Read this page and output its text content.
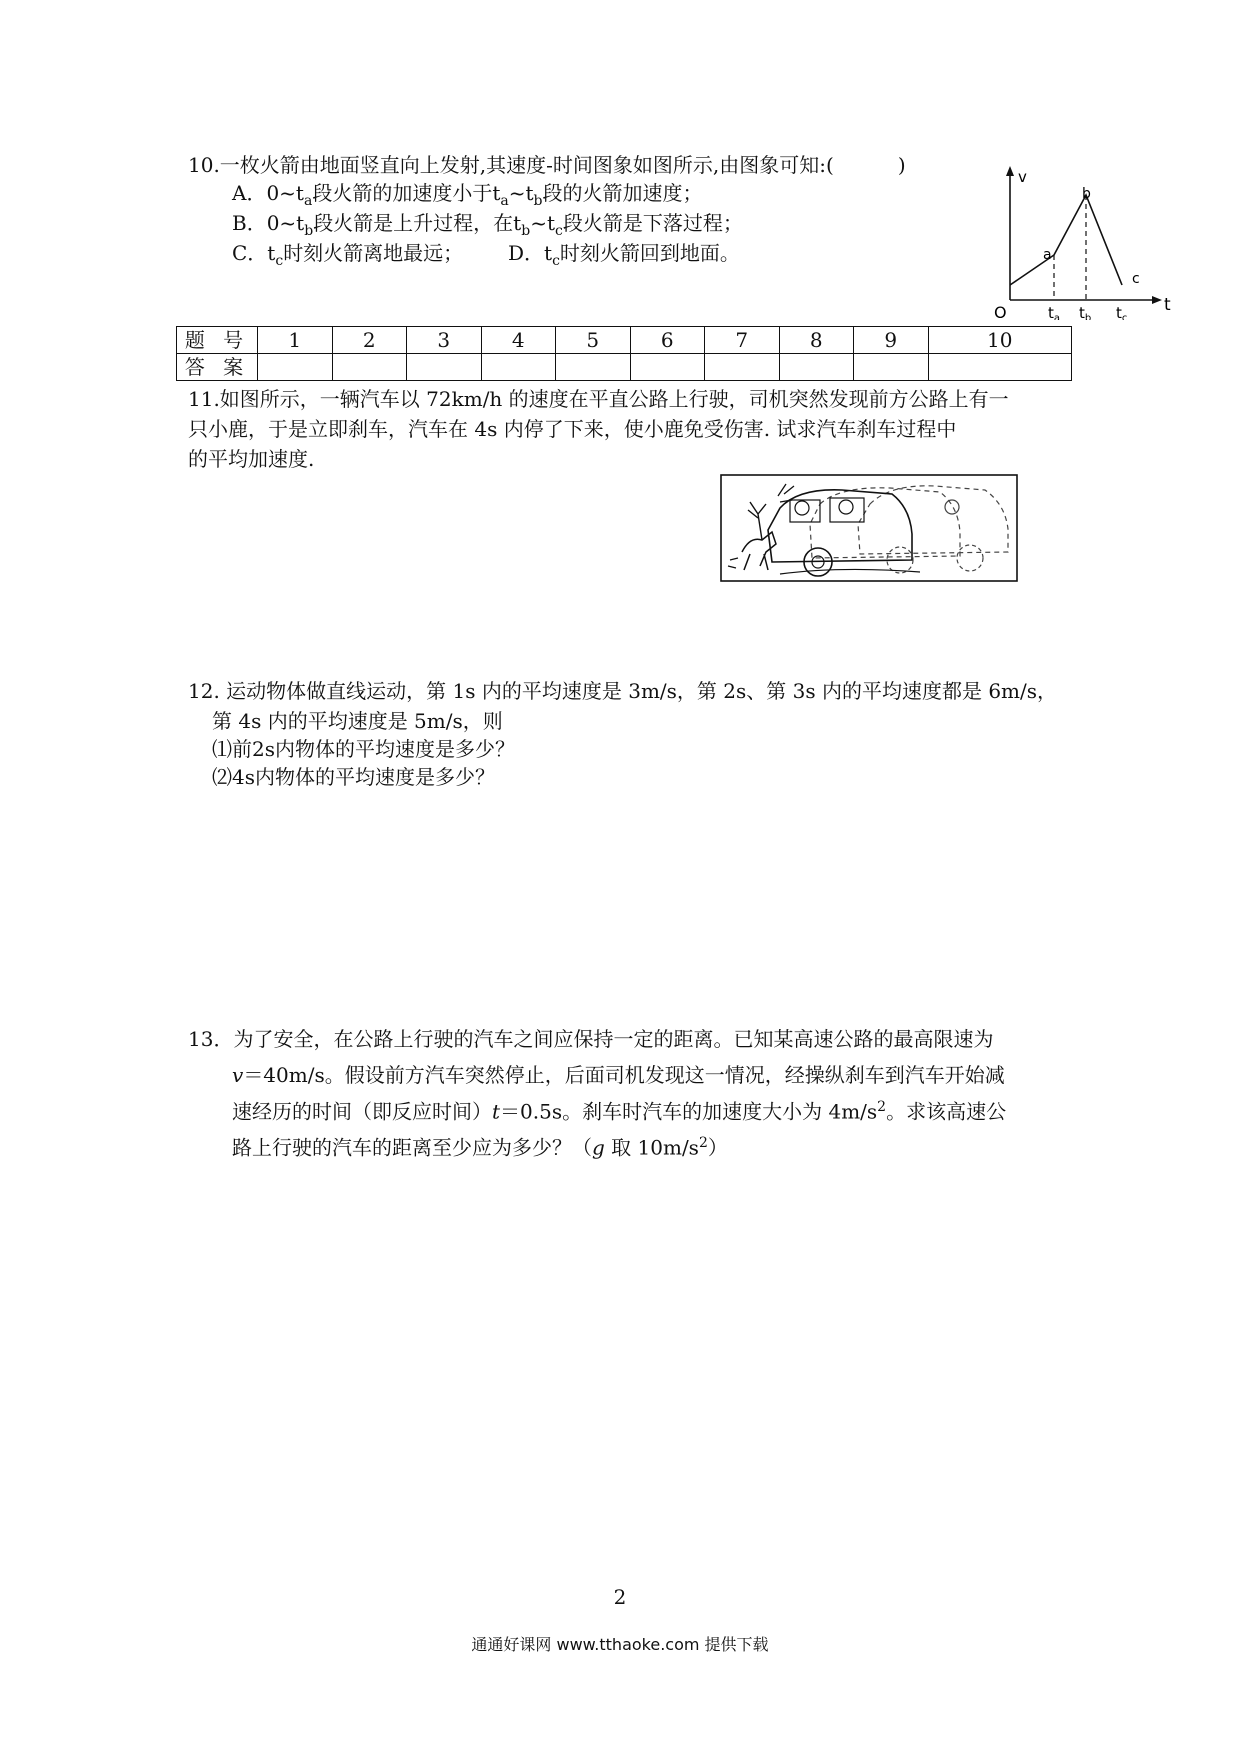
10.一枚火箭由地面竖直向上发射,其速度-时间图象如图所示,由图象可知:(	)
A．$0\sim t_a$段火箭的加速度小于$t_a\sim t_b$段的火箭加速度；
B．$0\sim t_b$段火箭是上升过程，在$t_b\sim t_c$段火箭是下落过程；
C．$t_c$时刻火箭离地最远； D．$t_c$时刻火箭回到地面。
v
t
O
a
b
c
$t_a$ $t_b$ $t_c$
题 号	1	2	3	4	5	6	7	8	9	10
答 案										
11.如图所示，一辆汽车以 72km/h 的速度在平直公路上行驶，司机突然发现前方公路上有一
只小鹿，于是立即刹车，汽车在 4s 内停了下来，使小鹿免受伤害. 试求汽车刹车过程中
的平均加速度.
12. 运动物体做直线运动，第 1s 内的平均速度是 3m/s，第 2s、第 3s 内的平均速度都是 6m/s，
第 4s 内的平均速度是 5m/s，则
⑴前2s内物体的平均速度是多少？
⑵4s内物体的平均速度是多少？
13．为了安全，在公路上行驶的汽车之间应保持一定的距离。已知某高速公路的最高限速为
v＝40m/s。假设前方汽车突然停止，后面司机发现这一情况，经操纵刹车到汽车开始减
速经历的时间（即反应时间）t＝0.5s。刹车时汽车的加速度大小为 $4m/s^2$。求该高速公
路上行驶的汽车的距离至少应为多少？（g 取 $10m/s^2$）
2
通通好课网 www.tthaoke.com 提供下载
